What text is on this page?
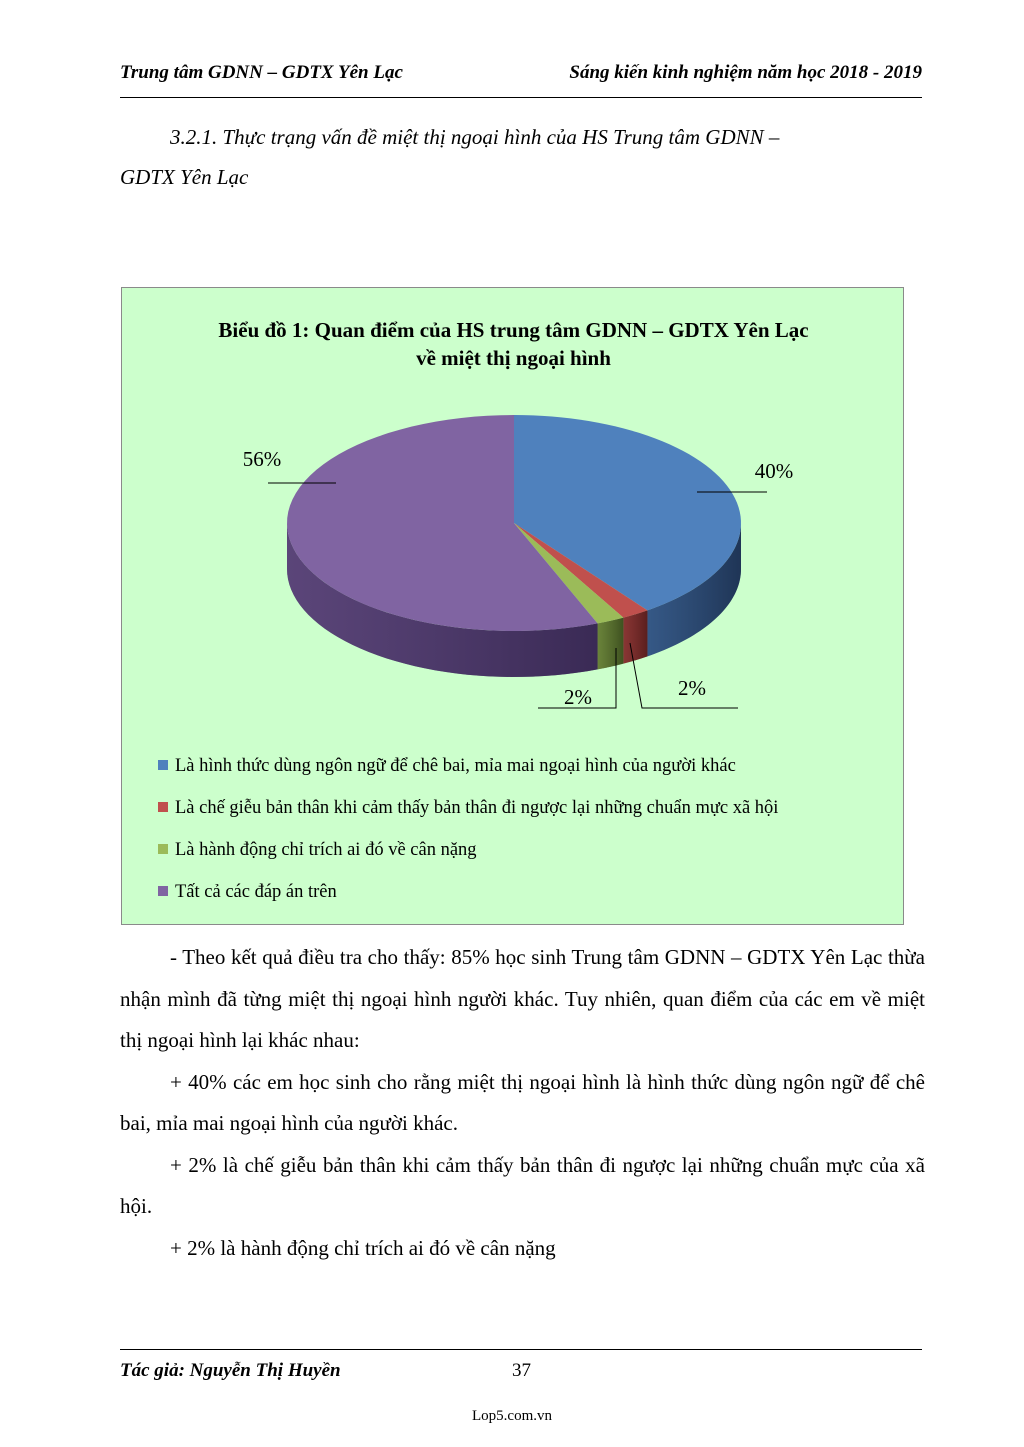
Trung tâm GDNN – GDTX Yên Lạc	Sáng kiến kinh nghiệm năm học 2018 - 2019
3.2.1. Thực trạng vấn đề miệt thị ngoại hình của HS Trung tâm GDNN –
GDTX Yên Lạc
Biểu đồ 1: Quan điểm của HS trung tâm GDNN – GDTX Yên Lạc
về miệt thị ngoại hình
40%
2%
2%
56%
Là hình thức dùng ngôn ngữ để chê bai, mỉa mai ngoại hình của người khác
Là chế giễu bản thân khi cảm thấy bản thân đi ngược lại những chuẩn mực xã hội
Là hành động chỉ trích ai đó về cân nặng
Tất cả các đáp án trên

- Theo kết quả điều tra cho thấy: 85% học sinh Trung tâm GDNN – GDTX Yên Lạc thừa nhận mình đã từng miệt thị ngoại hình người khác. Tuy nhiên, quan điểm của các em về miệt thị ngoại hình lại khác nhau:

+ 40% các em học sinh cho rằng miệt thị ngoại hình là hình thức dùng ngôn ngữ để chê bai, mỉa mai ngoại hình của người khác.

+ 2% là chế giễu bản thân khi cảm thấy bản thân đi ngược lại những chuẩn mực của xã hội.

+ 2% là hành động chỉ trích ai đó về cân nặng

Tác giả: Nguyễn Thị Huyền	37
Lop5.com.vn
